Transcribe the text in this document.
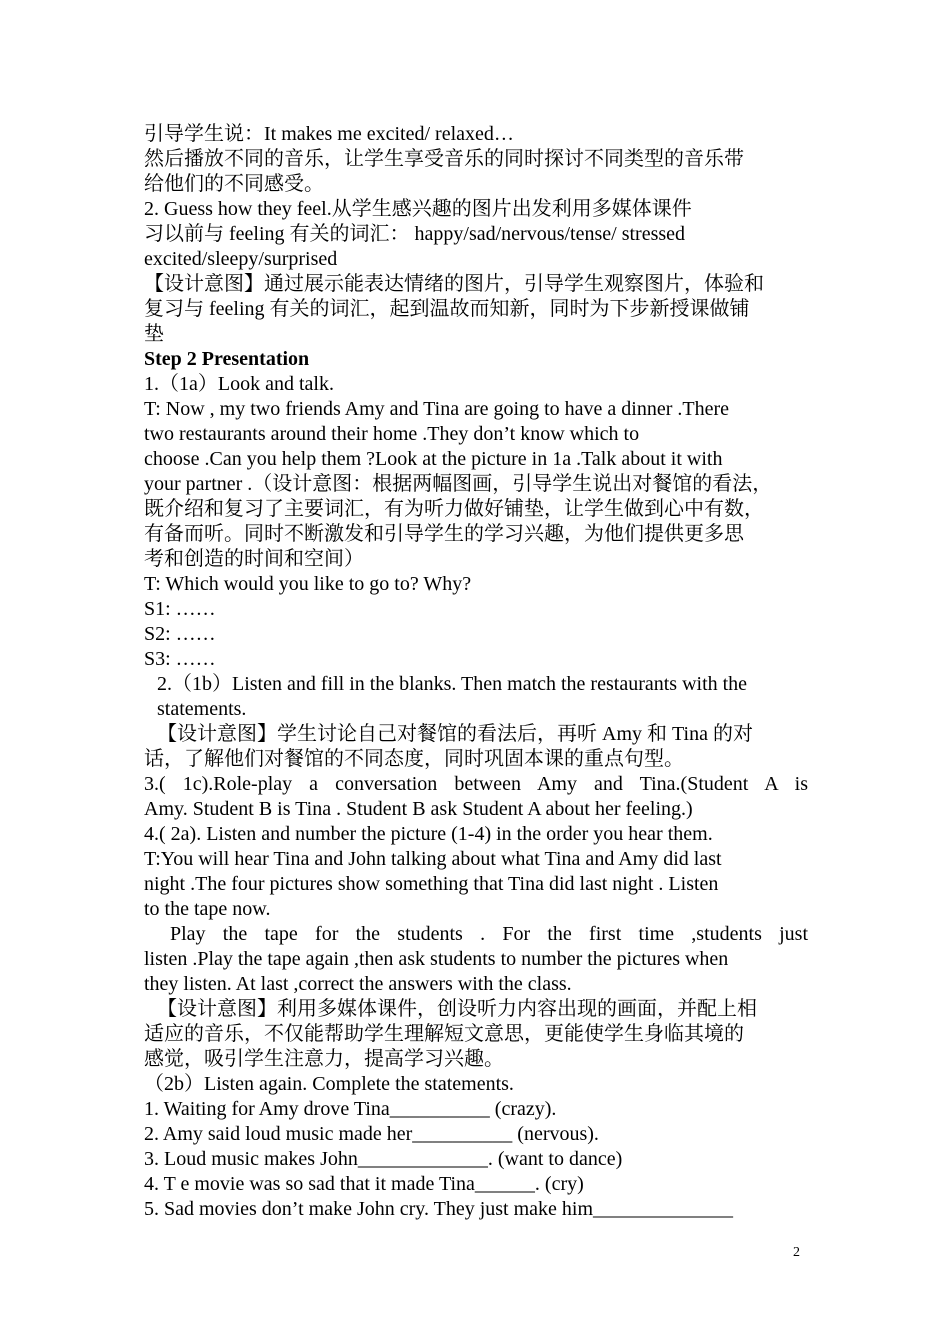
引导学生说：It makes me excited/ relaxed…
然后播放不同的音乐，让学生享受音乐的同时探讨不同类型的音乐带
给他们的不同感受。
2. Guess how they feel.从学生感兴趣的图片出发利用多媒体课件
习以前与 feeling 有关的词汇： happy/sad/nervous/tense/ stressed
excited/sleepy/surprised
【设计意图】通过展示能表达情绪的图片，引导学生观察图片，体验和
复习与 feeling 有关的词汇，起到温故而知新，同时为下步新授课做铺
垫
Step 2 Presentation
1.（1a）Look and talk.
T: Now , my two friends Amy and Tina are going to have a dinner .There
two restaurants around their home .They don’t know which to
choose .Can you help them ?Look at the picture in 1a .Talk about it with
your partner .（设计意图：根据两幅图画，引导学生说出对餐馆的看法，
既介绍和复习了主要词汇，有为听力做好铺垫，让学生做到心中有数，
有备而听。同时不断激发和引导学生的学习兴趣，为他们提供更多思
考和创造的时间和空间）
T: Which would you like to go to? Why?
S1: ……
S2: ……
S3: ……
2.（1b）Listen and fill in the blanks. Then match the restaurants with the
statements.
【设计意图】学生讨论自己对餐馆的看法后，再听 Amy 和 Tina 的对
话，了解他们对餐馆的不同态度，同时巩固本课的重点句型。
3.( 1c).Role-play a conversation between Amy and Tina.(Student A is
Amy. Student B is Tina . Student B ask Student A about her feeling.)
4.( 2a). Listen and number the picture (1-4) in the order you hear them.
T:You will hear Tina and John talking about what Tina and Amy did last
night .The four pictures show something that Tina did last night . Listen
to the tape now.
Play the tape for the students . For the first time ,students just
listen .Play the tape again ,then ask students to number the pictures when
they listen. At last ,correct the answers with the class.
【设计意图】利用多媒体课件，创设听力内容出现的画面，并配上相
适应的音乐，不仅能帮助学生理解短文意思，更能使学生身临其境的
感觉，吸引学生注意力，提高学习兴趣。
（2b）Listen again. Complete the statements.
1. Waiting for Amy drove Tina__________ (crazy).
2. Amy said loud music made her__________ (nervous).
3. Loud music makes John_____________. (want to dance)
4. T e movie was so sad that it made Tina______. (cry)
5. Sad movies don’t make John cry. They just make him______________
2
